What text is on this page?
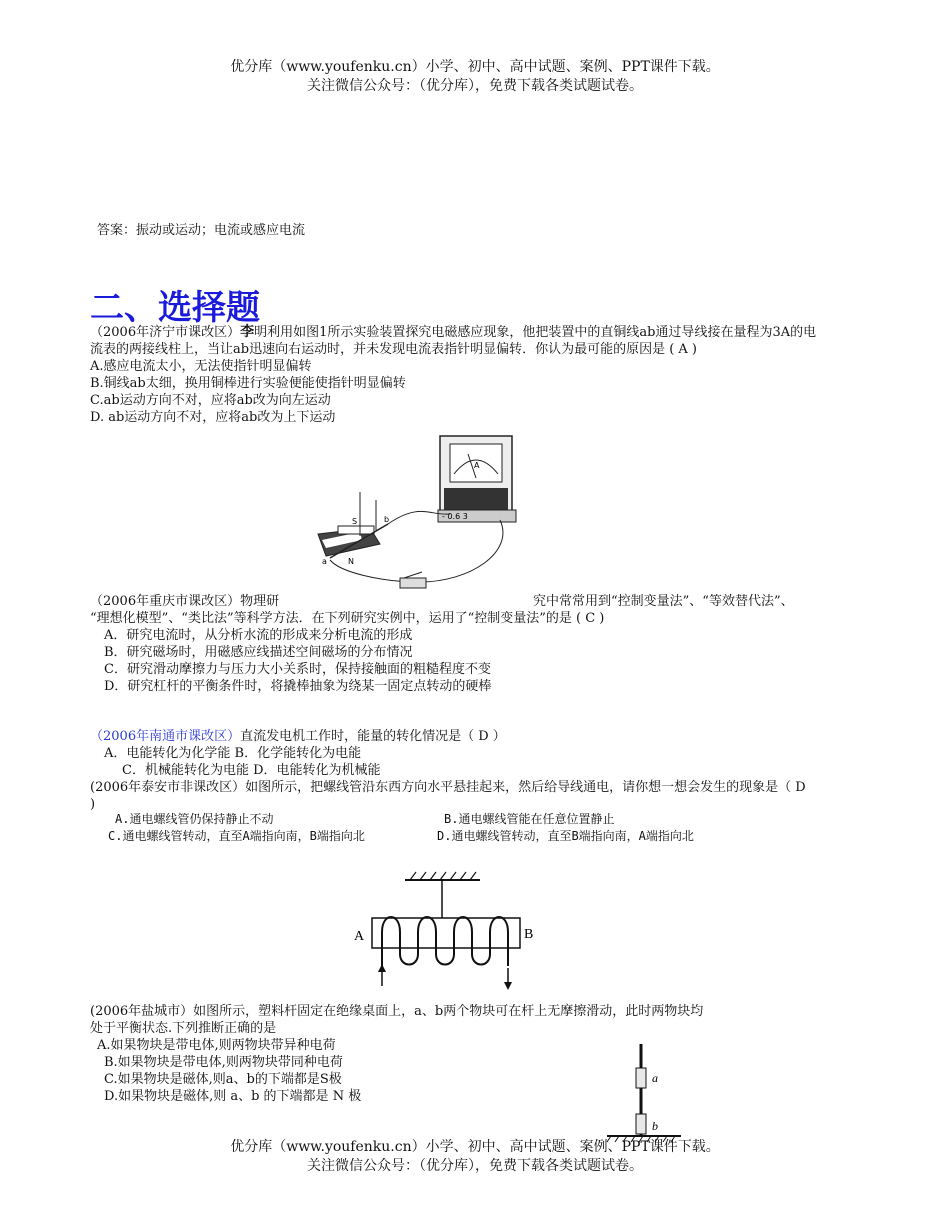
优分库（www.youfenku.cn）小学、初中、高中试题、案例、PPT课件下载。
关注微信公众号：（优分库），免费下载各类试题试卷。
答案：振动或运动；电流或感应电流
二、选择题
（2006年济宁市课改区）李明利用如图1所示实验装置探究电磁感应现象，他把装置中的直铜线ab通过导线接在量程为3A的电
流表的两接线柱上，当让ab迅速向右运动时，并未发现电流表指针明显偏转．你认为最可能的原因是 ( A )
A.感应电流太小，无法使指针明显偏转
B.铜线ab太细，换用铜棒进行实验便能使指针明显偏转
C.ab运动方向不对，应将ab改为向左运动
D. ab运动方向不对，应将ab改为上下运动
A
- 0.6 3
S
N
a
b
（2006年重庆市课改区）物理研	究中常常用到“控制变量法”、“等效替代法”、
“理想化模型”、“类比法”等科学方法．在下列研究实例中，运用了“控制变量法”的是 ( C )
A．研究电流时，从分析水流的形成来分析电流的形成
B．研究磁场时，用磁感应线描述空间磁场的分布情况
C．研究滑动摩擦力与压力大小关系时，保持接触面的粗糙程度不变
D．研究杠杆的平衡条件时，将撬棒抽象为绕某一固定点转动的硬棒
（2006年南通市课改区）直流发电机工作时，能量的转化情况是（ D ）
A．电能转化为化学能 B．化学能转化为电能
C．机械能转化为电能 D．电能转化为机械能
(2006年泰安市非课改区）如图所示，把螺线管沿东西方向水平悬挂起来，然后给导线通电，请你想一想会发生的现象是（ D
)
A.通电螺线管仍保持静止不动	B.通电螺线管能在任意位置静止
C.通电螺线管转动，直至A端指向南，B端指向北	D.通电螺线管转动，直至B端指向南，A端指向北
A	B
(2006年盐城市）如图所示，塑料杆固定在绝缘桌面上，a、b两个物块可在杆上无摩擦滑动，此时两物块均
处于平衡状态.下列推断正确的是
A.如果物块是带电体,则两物块带异种电荷
B.如果物块是带电体,则两物块带同种电荷
C.如果物块是磁体,则a、b的下端都是S极
D.如果物块是磁体,则 a、b 的下端都是 N 极
a
b
优分库（www.youfenku.cn）小学、初中、高中试题、案例、PPT课件下载。
关注微信公众号：（优分库），免费下载各类试题试卷。
